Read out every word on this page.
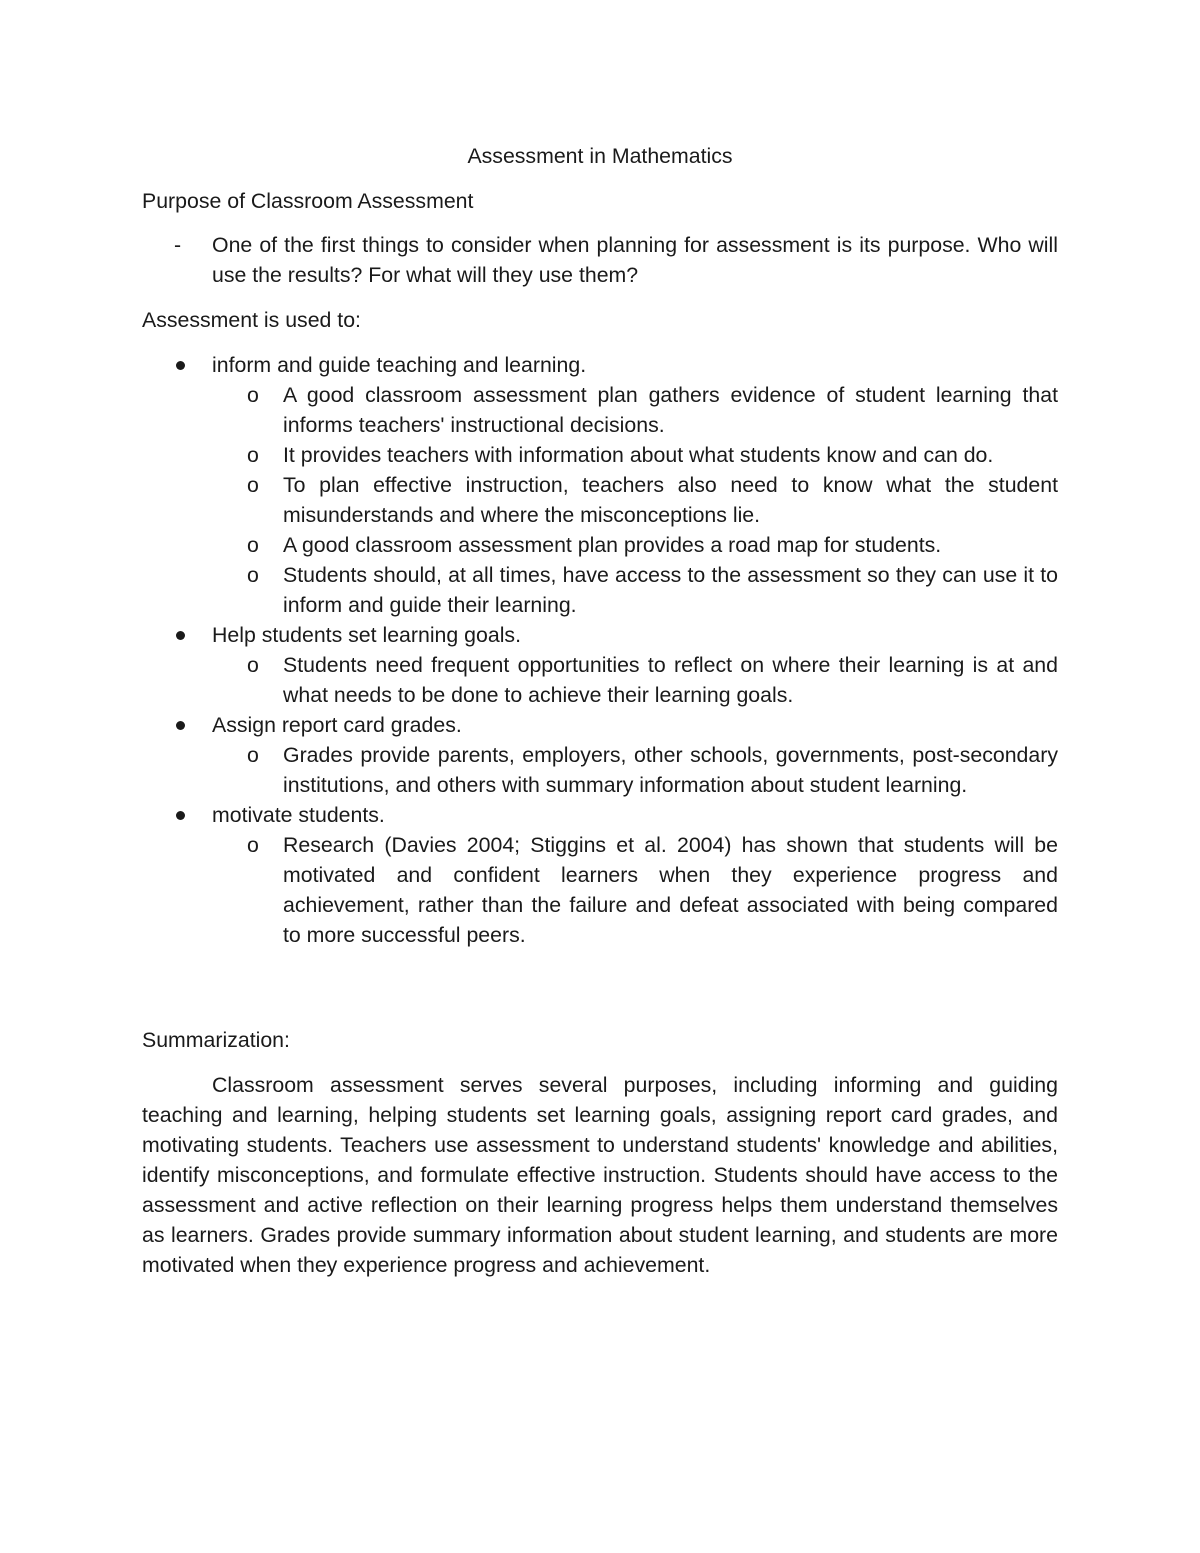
Assessment in Mathematics
Purpose of Classroom Assessment
- One of the first things to consider when planning for assessment is its purpose. Who will use the results? For what will they use them?
Assessment is used to:
inform and guide teaching and learning.
o A good classroom assessment plan gathers evidence of student learning that informs teachers' instructional decisions.
o It provides teachers with information about what students know and can do.
o To plan effective instruction, teachers also need to know what the student misunderstands and where the misconceptions lie.
o A good classroom assessment plan provides a road map for students.
o Students should, at all times, have access to the assessment so they can use it to inform and guide their learning.
Help students set learning goals.
o Students need frequent opportunities to reflect on where their learning is at and what needs to be done to achieve their learning goals.
Assign report card grades.
o Grades provide parents, employers, other schools, governments, post-secondary institutions, and others with summary information about student learning.
motivate students.
o Research (Davies 2004; Stiggins et al. 2004) has shown that students will be motivated and confident learners when they experience progress and achievement, rather than the failure and defeat associated with being compared to more successful peers.
Summarization:

Classroom assessment serves several purposes, including informing and guiding teaching and learning, helping students set learning goals, assigning report card grades, and motivating students. Teachers use assessment to understand students' knowledge and abilities, identify misconceptions, and formulate effective instruction. Students should have access to the assessment and active reflection on their learning progress helps them understand themselves as learners. Grades provide summary information about student learning, and students are more motivated when they experience progress and achievement.
